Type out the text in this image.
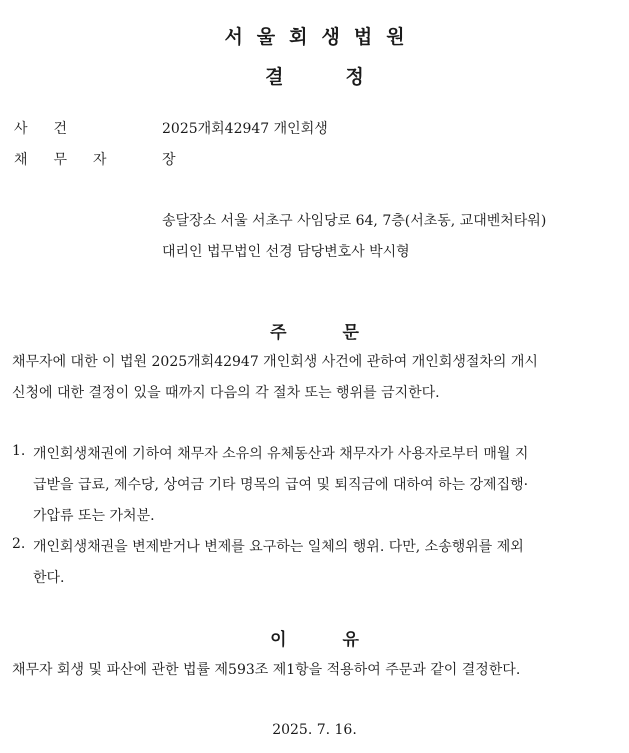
서울회생법원
결정
사건	2025개회42947 개인회생
채무자 장
송달장소 서울 서초구 사임당로 64, 7층(서초동, 교대벤처타워)
대리인 법무법인 선경 담당변호사 박시형
주문
채무자에 대한 이 법원 2025개회42947 개인회생 사건에 관하여 개인회생절차의 개시
신청에 대한 결정이 있을 때까지 다음의 각 절차 또는 행위를 금지한다.
1. 개인회생채권에 기하여 채무자 소유의 유체동산과 채무자가 사용자로부터 매월 지
급받을 급료, 제수당, 상여금 기타 명목의 급여 및 퇴직금에 대하여 하는 강제집행·
가압류 또는 가처분.
2. 개인회생채권을 변제받거나 변제를 요구하는 일체의 행위. 다만, 소송행위를 제외
한다.
이유
채무자 회생 및 파산에 관한 법률 제593조 제1항을 적용하여 주문과 같이 결정한다.
2025. 7. 16.
